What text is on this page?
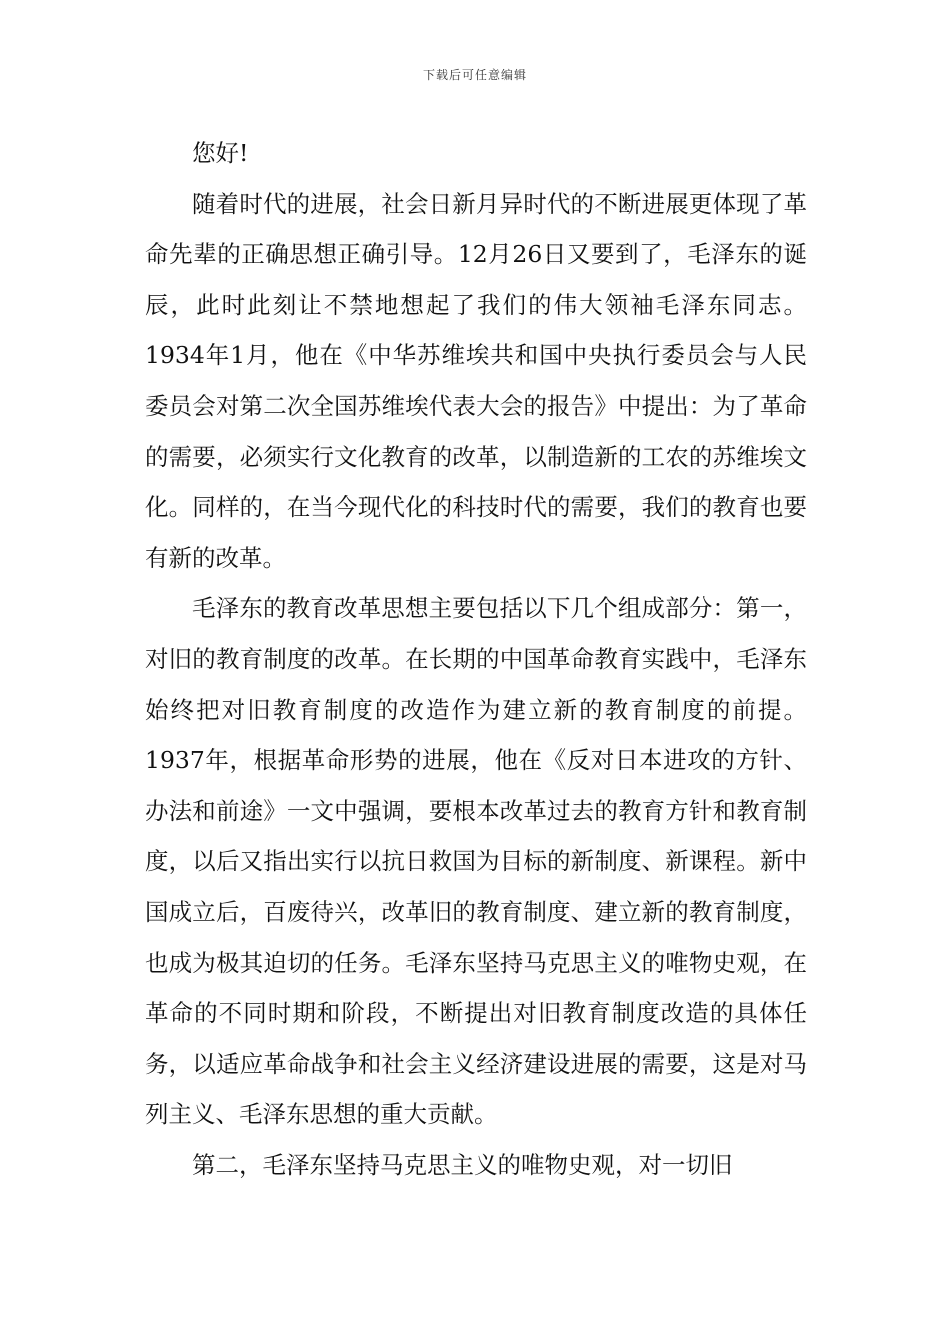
下载后可任意编辑

您好!

随着时代的进展，社会日新月异时代的不断进展更体现了革命先辈的正确思想正确引导。12月26日又要到了，毛泽东的诞辰，此时此刻让不禁地想起了我们的伟大领袖毛泽东同志。1934年1月，他在《中华苏维埃共和国中央执行委员会与人民委员会对第二次全国苏维埃代表大会的报告》中提出：为了革命的需要，必须实行文化教育的改革，以制造新的工农的苏维埃文化。同样的，在当今现代化的科技时代的需要，我们的教育也要有新的改革。

毛泽东的教育改革思想主要包括以下几个组成部分：第一，对旧的教育制度的改革。在长期的中国革命教育实践中，毛泽东始终把对旧教育制度的改造作为建立新的教育制度的前提。1937年，根据革命形势的进展，他在《反对日本进攻的方针、办法和前途》一文中强调，要根本改革过去的教育方针和教育制度，以后又指出实行以抗日救国为目标的新制度、新课程。新中国成立后，百废待兴，改革旧的教育制度、建立新的教育制度，也成为极其迫切的任务。毛泽东坚持马克思主义的唯物史观，在革命的不同时期和阶段，不断提出对旧教育制度改造的具体任务，以适应革命战争和社会主义经济建设进展的需要，这是对马列主义、毛泽东思想的重大贡献。

第二，毛泽东坚持马克思主义的唯物史观，对一切旧
